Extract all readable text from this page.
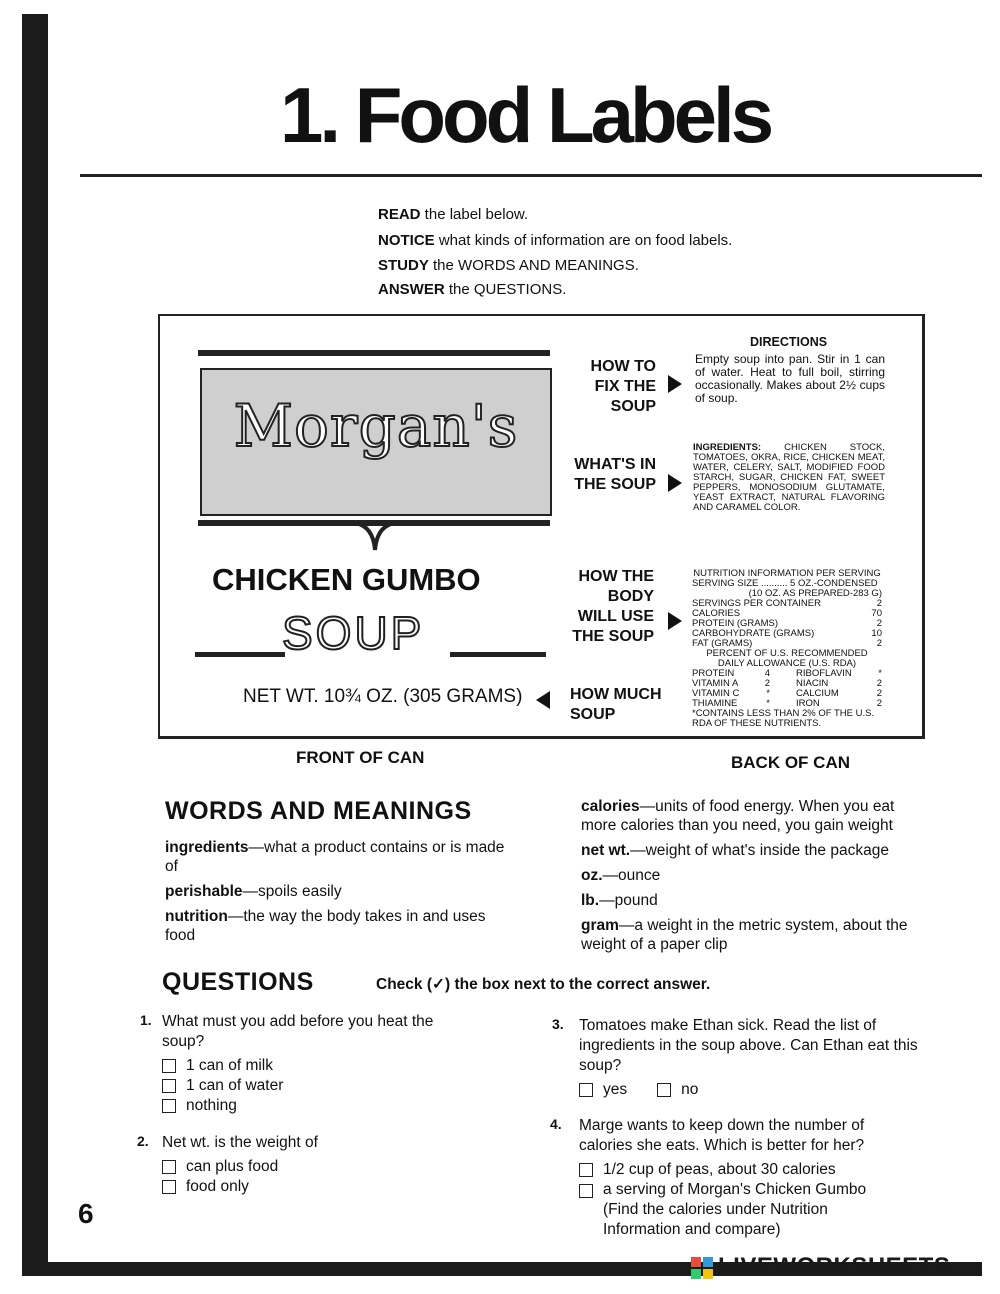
1. Food Labels
READ the label below.
NOTICE what kinds of information are on food labels.
STUDY the WORDS AND MEANINGS.
ANSWER the QUESTIONS.
Morgan's
CHICKEN GUMBO
SOUP
NET WT. 10¾ OZ. (305 GRAMS)
HOW TO FIX THE SOUP
WHAT'S IN THE SOUP
HOW THE BODY WILL USE THE SOUP
HOW MUCH SOUP
DIRECTIONS
Empty soup into pan. Stir in 1 can of water. Heat to full boil, stirring occasionally. Makes about 2½ cups of soup.
INGREDIENTS: CHICKEN STOCK, TOMATOES, OKRA, RICE, CHICKEN MEAT, WATER, CELERY, SALT, MODIFIED FOOD STARCH, SUGAR, CHICKEN FAT, SWEET PEPPERS, MONOSODIUM GLUTAMATE, YEAST EXTRACT, NATURAL FLAVORING AND CARAMEL COLOR.
NUTRITION INFORMATION PER SERVING
SERVING SIZE .......... 5 OZ.-CONDENSED
(10 OZ. AS PREPARED-283 G)
SERVINGS PER CONTAINER	2
CALORIES	70
PROTEIN (GRAMS)	2
CARBOHYDRATE (GRAMS)	10
FAT (GRAMS)	2
PERCENT OF U.S. RECOMMENDED DAILY ALLOWANCE (U.S. RDA)
PROTEIN	4	RIBOFLAVIN	*
VITAMIN A	2	NIACIN	2
VITAMIN C	*	CALCIUM	2
THIAMINE	*	IRON	2
*CONTAINS LESS THAN 2% OF THE U.S. RDA OF THESE NUTRIENTS.
FRONT OF CAN	BACK OF CAN
WORDS AND MEANINGS
ingredients—what a product contains or is made of
perishable—spoils easily
nutrition—the way the body takes in and uses food
calories—units of food energy. When you eat more calories than you need, you gain weight
net wt.—weight of what's inside the package
oz.—ounce
lb.—pound
gram—a weight in the metric system, about the weight of a paper clip
QUESTIONS	Check (✓) the box next to the correct answer.
1. What must you add before you heat the soup?
1 can of milk
1 can of water
nothing
2. Net wt. is the weight of
can plus food
food only
3. Tomatoes make Ethan sick. Read the list of ingredients in the soup above. Can Ethan eat this soup?
yes	no
4.	Marge wants to keep down the number of calories she eats. Which is better for her?
1/2 cup of peas, about 30 calories
a serving of Morgan's Chicken Gumbo (Find the calories under Nutrition Information and compare)
6
LIVEWORKSHEETS
